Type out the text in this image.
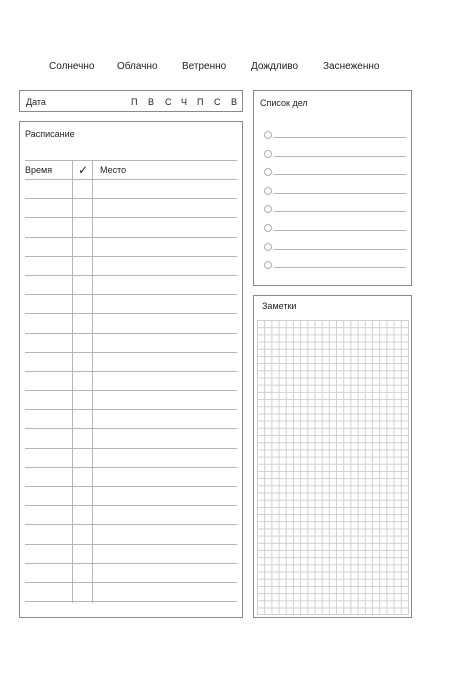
Солнечно Облачно Ветренно Дождливо Заснеженно
Дата	П В С Ч П С В
Расписание
Время ✓ Место
Список дел
Заметки
